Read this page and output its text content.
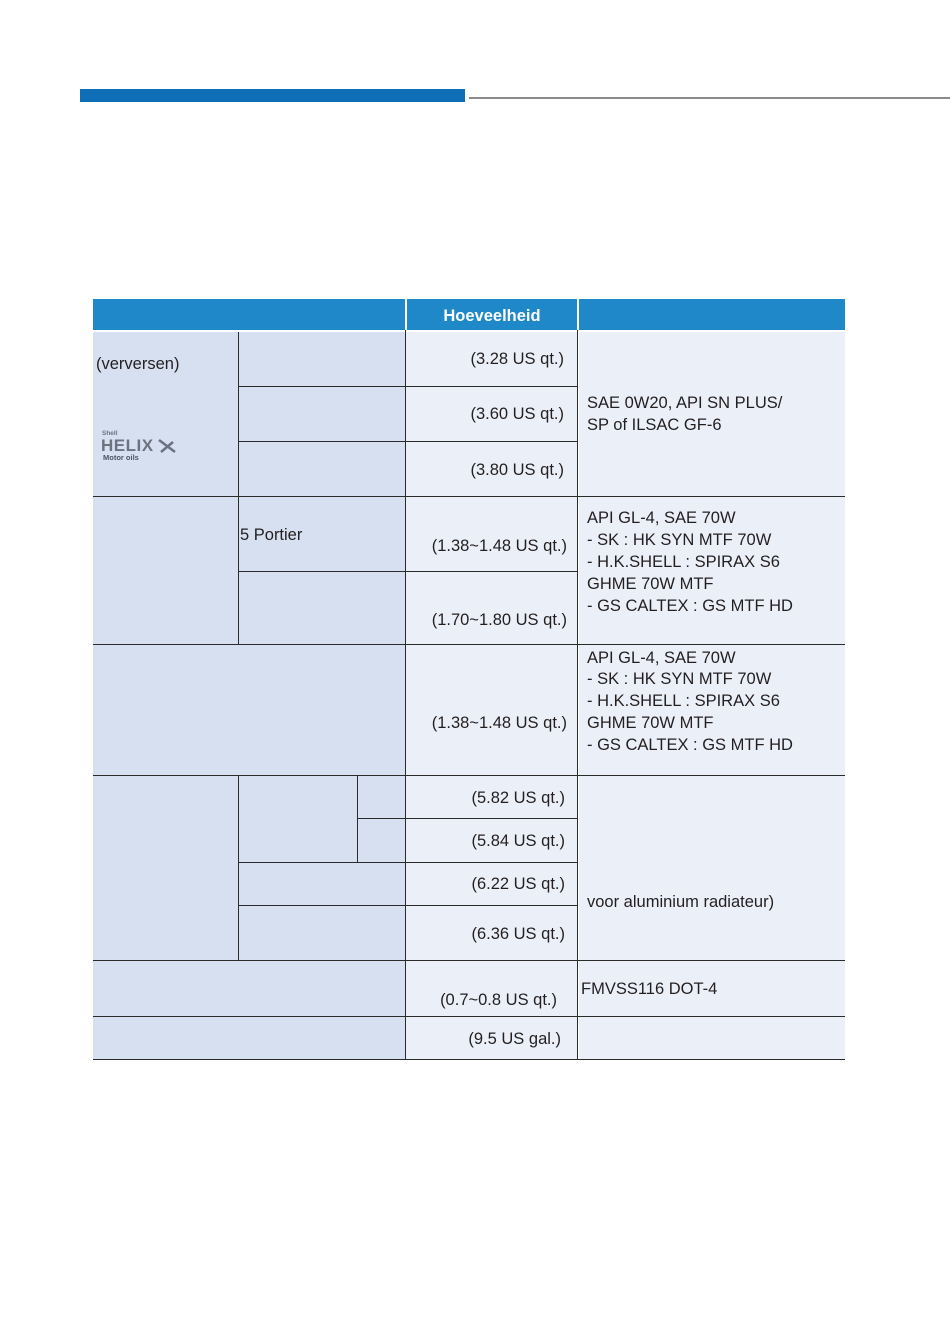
Hoeveelheid
(verversen)
Shell
HELIX
Motor oils
(3.28 US qt.)
(3.60 US qt.)
(3.80 US qt.)
SAE 0W20, API SN PLUS/
SP of ILSAC GF-6
5 Portier
(1.38~1.48 US qt.)
(1.70~1.80 US qt.)
API GL-4, SAE 70W
- SK : HK SYN MTF 70W
- H.K.SHELL : SPIRAX S6
GHME 70W MTF
- GS CALTEX : GS MTF HD
(1.38~1.48 US qt.)
API GL-4, SAE 70W
- SK : HK SYN MTF 70W
- H.K.SHELL : SPIRAX S6
GHME 70W MTF
- GS CALTEX : GS MTF HD
(5.82 US qt.)
(5.84 US qt.)
(6.22 US qt.)
(6.36 US qt.)
voor aluminium radiateur)
(0.7~0.8 US qt.)
FMVSS116 DOT-4
(9.5 US gal.)
